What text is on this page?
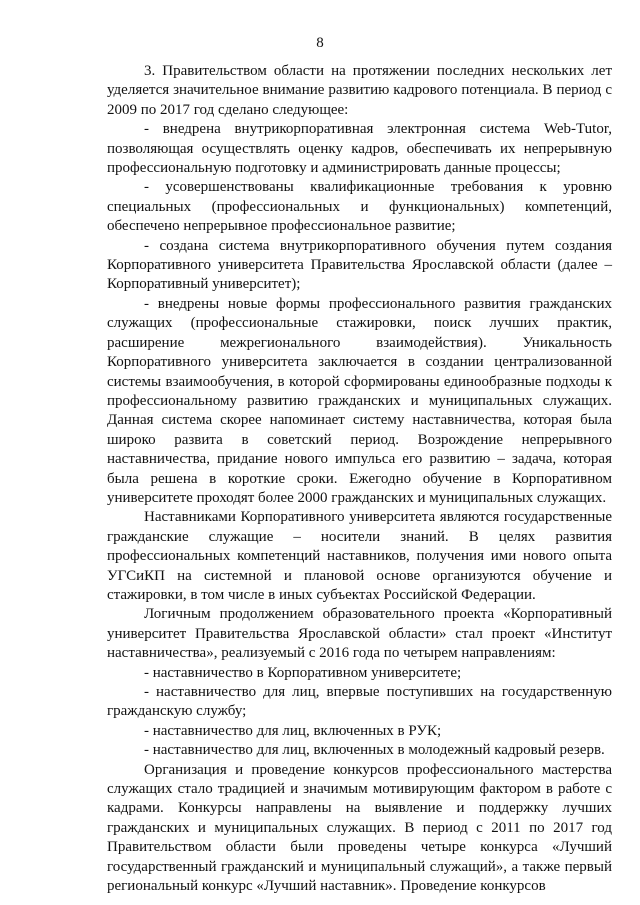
8

3. Правительством области на протяжении последних нескольких лет уделяется значительное внимание развитию кадрового потенциала. В период с 2009 по 2017 год сделано следующее:

- внедрена внутрикорпоративная электронная система Web-Tutor, позволяющая осуществлять оценку кадров, обеспечивать их непрерывную профессиональную подготовку и администрировать данные процессы;

- усовершенствованы квалификационные требования к уровню специальных (профессиональных и функциональных) компетенций, обеспечено непрерывное профессиональное развитие;

- создана система внутрикорпоративного обучения путем создания Корпоративного университета Правительства Ярославской области (далее – Корпоративный университет);

- внедрены новые формы профессионального развития гражданских служащих (профессиональные стажировки, поиск лучших практик, расширение межрегионального взаимодействия). Уникальность Корпоративного университета заключается в создании централизованной системы взаимообучения, в которой сформированы единообразные подходы к профессиональному развитию гражданских и муниципальных служащих. Данная система скорее напоминает систему наставничества, которая была широко развита в советский период. Возрождение непрерывного наставничества, придание нового импульса его развитию – задача, которая была решена в короткие сроки. Ежегодно обучение в Корпоративном университете проходят более 2000 гражданских и муниципальных служащих.

Наставниками Корпоративного университета являются государственные гражданские служащие – носители знаний. В целях развития профессиональных компетенций наставников, получения ими нового опыта УГСиКП на системной и плановой основе организуются обучение и стажировки, в том числе в иных субъектах Российской Федерации.

Логичным продолжением образовательного проекта «Корпоративный университет Правительства Ярославской области» стал проект «Институт наставничества», реализуемый с 2016 года по четырем направлениям:

- наставничество в Корпоративном университете;

- наставничество для лиц, впервые поступивших на государственную гражданскую службу;

- наставничество для лиц, включенных в РУК;

- наставничество для лиц, включенных в молодежный кадровый резерв.

Организация и проведение конкурсов профессионального мастерства служащих стало традицией и значимым мотивирующим фактором в работе с кадрами. Конкурсы направлены на выявление и поддержку лучших гражданских и муниципальных служащих. В период с 2011 по 2017 год Правительством области были проведены четыре конкурса «Лучший государственный гражданский и муниципальный служащий», а также первый региональный конкурс «Лучший наставник». Проведение конкурсов
